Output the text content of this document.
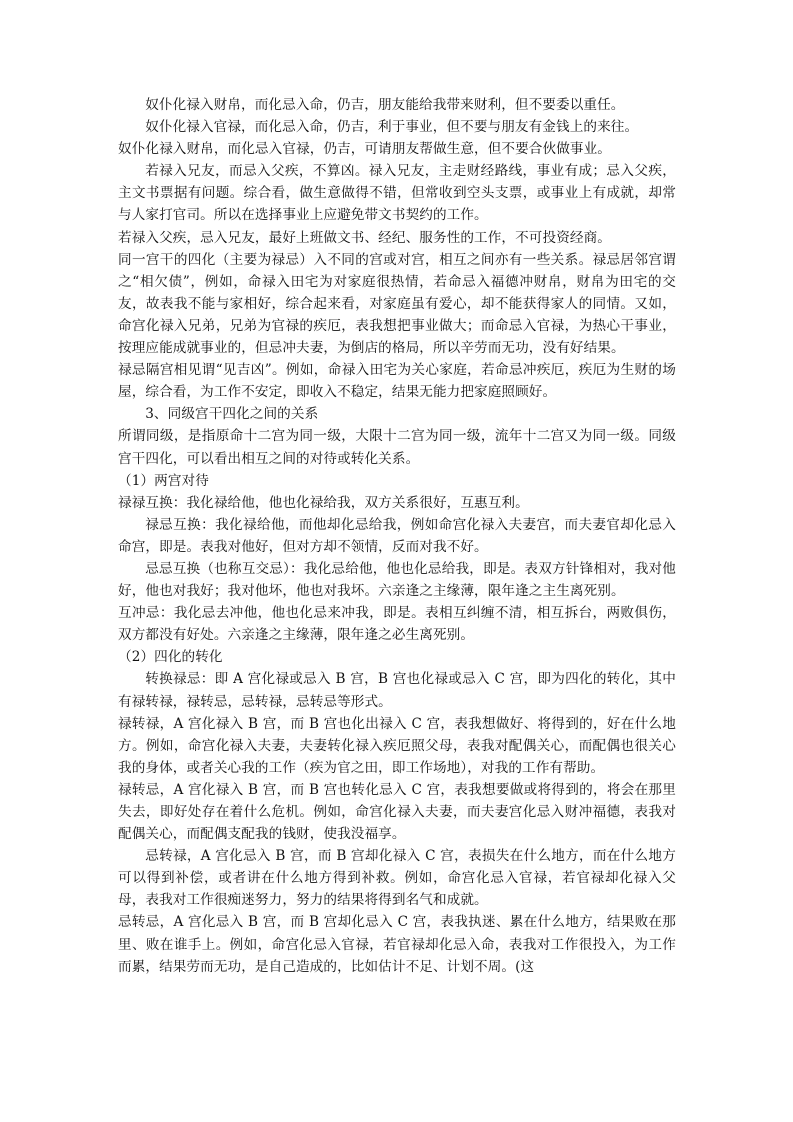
奴仆化禄入财帛，而化忌入命，仍吉，朋友能给我带来财利，但不要委以重任。

奴仆化禄入官禄，而化忌入命，仍吉，利于事业，但不要与朋友有金钱上的来往。

奴仆化禄入财帛，而化忌入官禄，仍吉，可请朋友帮做生意，但不要合伙做事业。

若禄入兄友，而忌入父疾，不算凶。禄入兄友，主走财经路线，事业有成；忌入父疾，主文书票据有问题。综合看，做生意做得不错，但常收到空头支票，或事业上有成就，却常与人家打官司。所以在选择事业上应避免带文书契约的工作。

若禄入父疾，忌入兄友，最好上班做文书、经纪、服务性的工作，不可投资经商。

同一宫干的四化（主要为禄忌）入不同的宫或对宫，相互之间亦有一些关系。禄忌居邻宫谓之“相欠债”，例如，命禄入田宅为对家庭很热情，若命忌入福德冲财帛，财帛为田宅的交友，故表我不能与家相好，综合起来看，对家庭虽有爱心，却不能获得家人的同情。又如，命宫化禄入兄弟，兄弟为官禄的疾厄，表我想把事业做大；而命忌入官禄，为热心干事业，按理应能成就事业的，但忌冲夫妻，为倒店的格局，所以辛劳而无功，没有好结果。

禄忌隔宫相见谓“见吉凶”。例如，命禄入田宅为关心家庭，若命忌冲疾厄，疾厄为生财的场屋，综合看，为工作不安定，即收入不稳定，结果无能力把家庭照顾好。

3、同级宫干四化之间的关系

所谓同级，是指原命十二宫为同一级，大限十二宫为同一级，流年十二宫又为同一级。同级宫干四化，可以看出相互之间的对待或转化关系。

（1）两宫对待

禄禄互换：我化禄给他，他也化禄给我，双方关系很好，互惠互利。

禄忌互换：我化禄给他，而他却化忌给我，例如命宫化禄入夫妻宫，而夫妻官却化忌入命宫，即是。表我对他好，但对方却不领情，反而对我不好。

忌忌互换（也称互交忌）：我化忌给他，他也化忌给我，即是。表双方针锋相对，我对他好，他也对我好；我对他坏，他也对我坏。六亲逢之主缘薄，限年逢之主生离死别。

互冲忌：我化忌去冲他，他也化忌来冲我，即是。表相互纠缠不清，相互拆台，两败俱伤，双方都没有好处。六亲逢之主缘薄，限年逢之必生离死别。

（2）四化的转化

转换禄忌：即 A 宫化禄或忌入 B 宫，B 宫也化禄或忌入 C 宫，即为四化的转化，其中有禄转禄，禄转忌，忌转禄，忌转忌等形式。

禄转禄，A 宫化禄入 B 宫，而 B 宫也化出禄入 C 宫，表我想做好、将得到的，好在什么地方。例如，命宫化禄入夫妻，夫妻转化禄入疾厄照父母，表我对配偶关心，而配偶也很关心我的身体，或者关心我的工作（疾为官之田，即工作场地），对我的工作有帮助。

禄转忌，A 宫化禄入 B 宫，而 B 宫也转化忌入 C 宫，表我想要做或将得到的，将会在那里失去，即好处存在着什么危机。例如，命宫化禄入夫妻，而夫妻宫化忌入财冲福德，表我对配偶关心，而配偶支配我的钱财，使我没福享。

忌转禄，A 宫化忌入 B 宫，而 B 宫却化禄入 C 宫，表损失在什么地方，而在什么地方可以得到补偿，或者讲在什么地方得到补救。例如，命宫化忌入官禄，若官禄却化禄入父母，表我对工作很痴迷努力，努力的结果将得到名气和成就。

忌转忌，A 宫化忌入 B 宫，而 B 宫却化忌入 C 宫，表我执迷、累在什么地方，结果败在那里、败在谁手上。例如，命宫化忌入官禄，若官禄却化忌入命，表我对工作很投入，为工作而累，结果劳而无功，是自己造成的，比如估计不足、计划不周。(这
